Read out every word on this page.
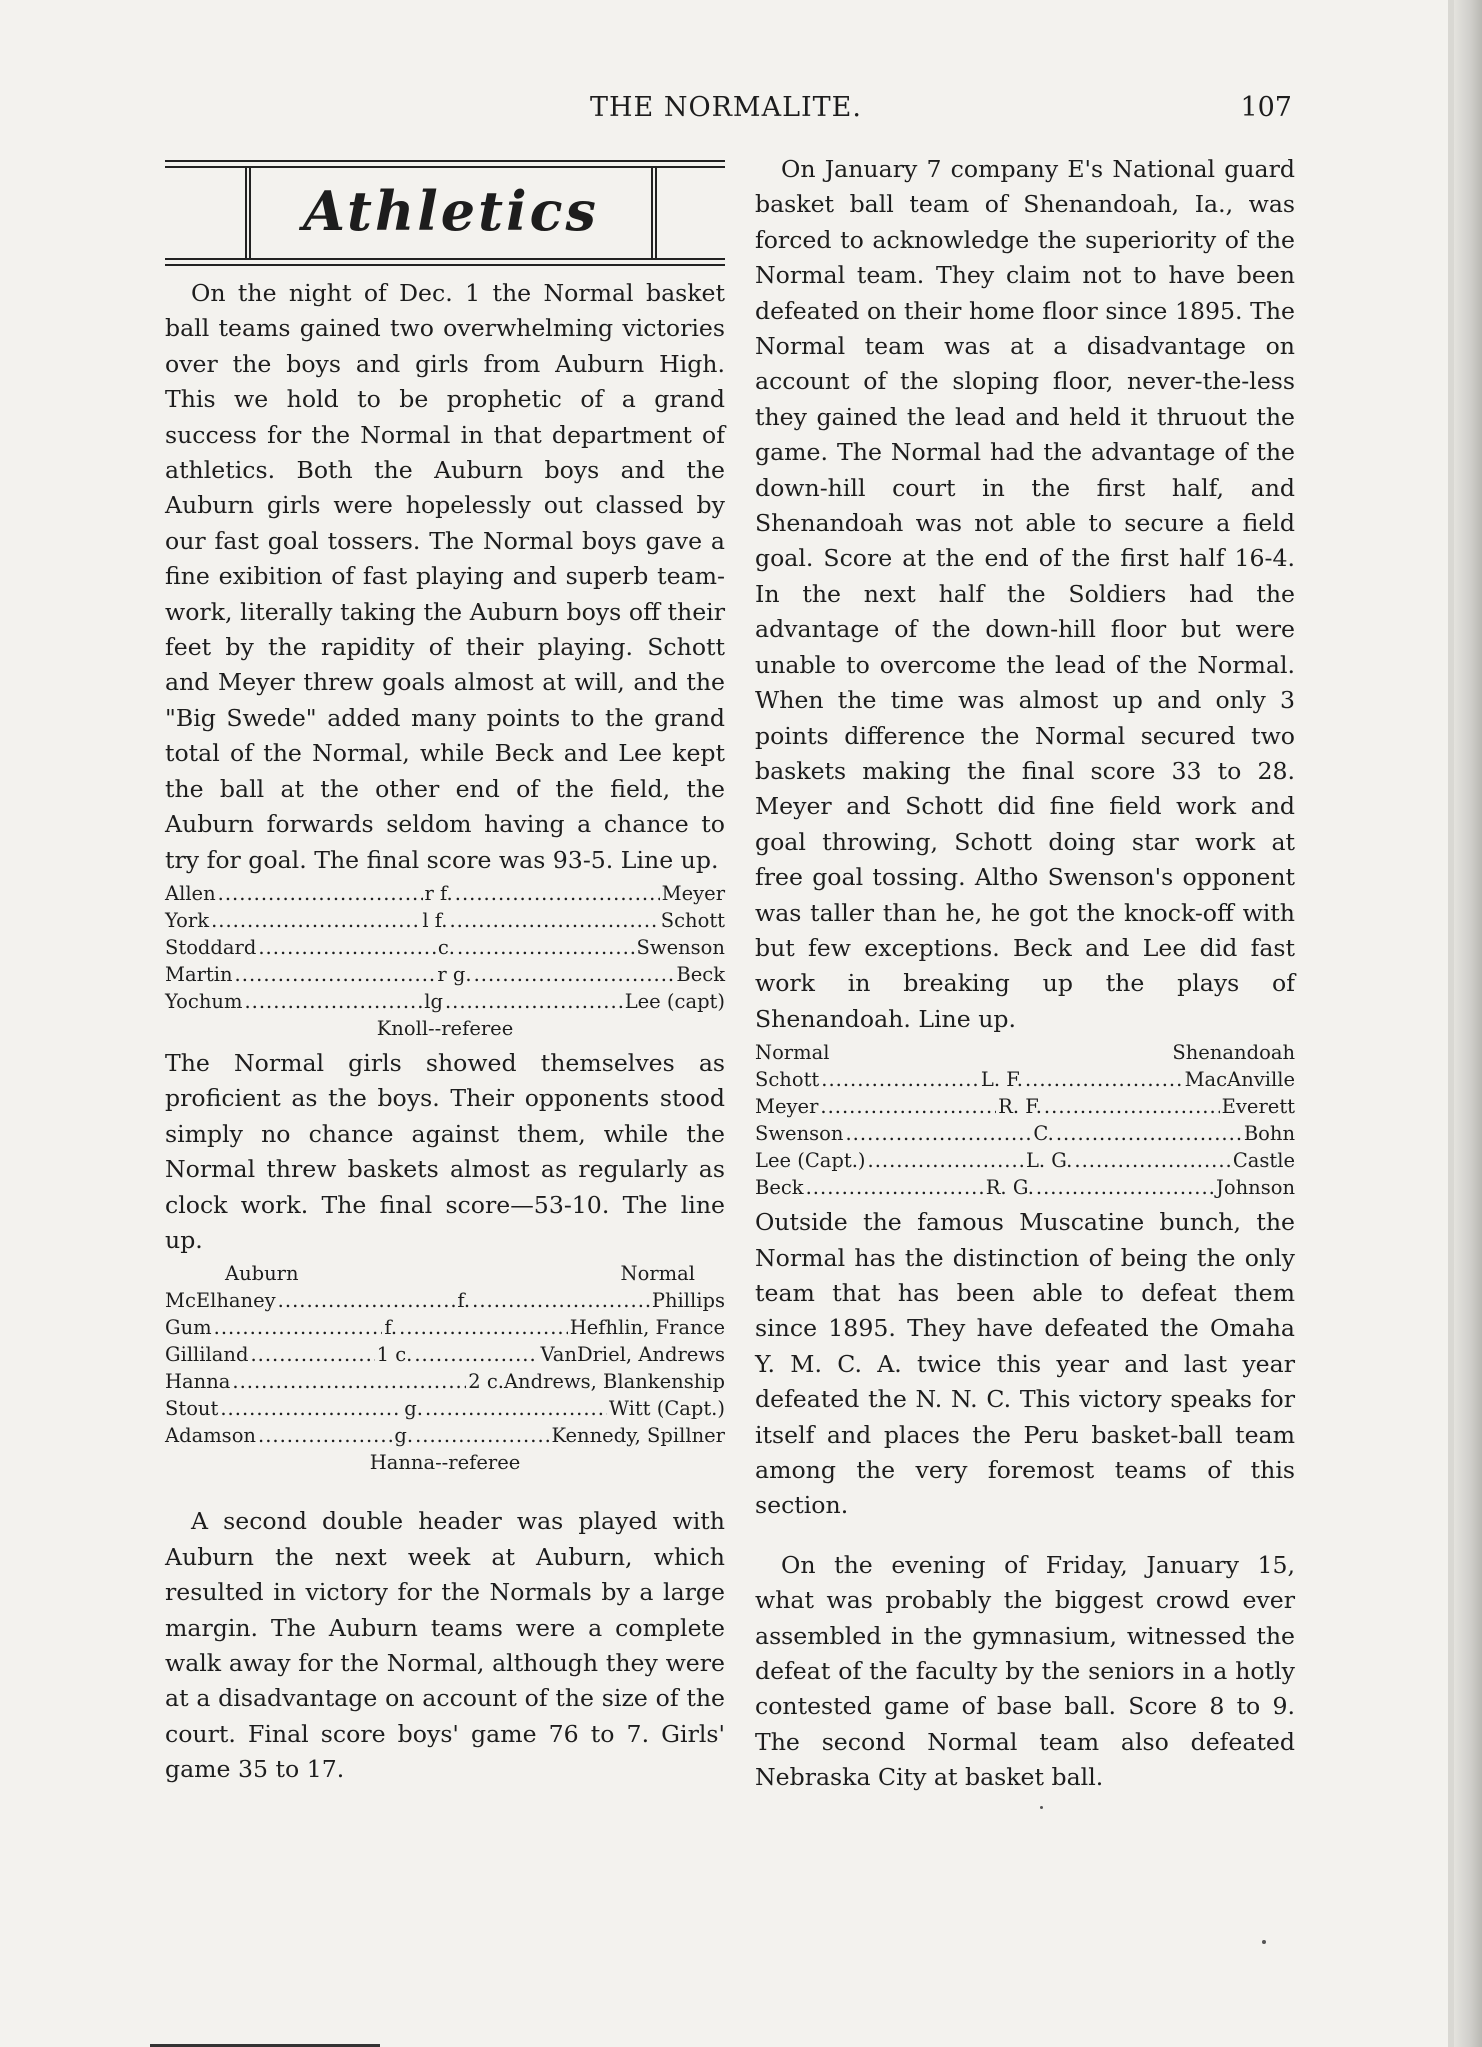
THE NORMALITE.	107
Athletics

On the night of Dec. 1 the Normal basket ball teams gained two overwhelming victories over the boys and girls from Auburn High. This we hold to be prophetic of a grand success for the Normal in that department of athletics. Both the Auburn boys and the Auburn girls were hopelessly out classed by our fast goal tossers. The Normal boys gave a fine exibition of fast playing and superb team-work, literally taking the Auburn boys off their feet by the rapidity of their playing. Schott and Meyer threw goals almost at will, and the "Big Swede" added many points to the grand total of the Normal, while Beck and Lee kept the ball at the other end of the field, the Auburn forwards seldom having a chance to try for goal. The final score was 93-5. Line up.

Allen .....	r f. .....	Meyer
York .....	l f. .....	Schott
Stoddard .....	c. .....	Swenson
Martin .....	r g. .....	Beck
Yochum .....	lg .....	Lee (capt)
Knoll--referee

The Normal girls showed themselves as proficient as the boys. Their opponents stood simply no chance against them, while the Normal threw baskets almost as regularly as clock work. The final score—53-10. The line up.

Auburn	Normal
McElhaney .....	f. .....	Phillips
Gum .....	f. .....	Hefhlin, France
Gilliland .....	1 c. .....	VanDriel, Andrews
Hanna .....	2 c. Andrews, Blankenship
Stout .....	g. .....	Witt (Capt.)
Adamson .....	g. .....	Kennedy, Spillner
Hanna--referee

A second double header was played with Auburn the next week at Auburn, which resulted in victory for the Normals by a large margin. The Auburn teams were a complete walk away for the Normal, although they were at a disadvantage on account of the size of the court. Final score boys' game 76 to 7. Girls' game 35 to 17.

On January 7 company E's National guard basket ball team of Shenandoah, Ia., was forced to acknowledge the superiority of the Normal team. They claim not to have been defeated on their home floor since 1895. The Normal team was at a disadvantage on account of the sloping floor, never-the-less they gained the lead and held it thruout the game. The Normal had the advantage of the down-hill court in the first half, and Shenandoah was not able to secure a field goal. Score at the end of the first half 16-4. In the next half the Soldiers had the advantage of the down-hill floor but were unable to overcome the lead of the Normal. When the time was almost up and only 3 points difference the Normal secured two baskets making the final score 33 to 28. Meyer and Schott did fine field work and goal throwing, Schott doing star work at free goal tossing. Altho Swenson's opponent was taller than he, he got the knock-off with but few exceptions. Beck and Lee did fast work in breaking up the plays of Shenandoah. Line up.

Normal	Shenandoah
Schott .....	L. F. .....	MacAnville
Meyer .....	R. F. .....	Everett
Swenson .....	C. .....	Bohn
Lee (Capt.) .....	L. G. .....	Castle
Beck .....	R. G. .....	Johnson

Outside the famous Muscatine bunch, the Normal has the distinction of being the only team that has been able to defeat them since 1895. They have defeated the Omaha Y. M. C. A. twice this year and last year defeated the N. N. C. This victory speaks for itself and places the Peru basket-ball team among the very foremost teams of this section.

On the evening of Friday, January 15, what was probably the biggest crowd ever assembled in the gymnasium, witnessed the defeat of the faculty by the seniors in a hotly contested game of base ball. Score 8 to 9. The second Normal team also defeated Nebraska City at basket ball.
